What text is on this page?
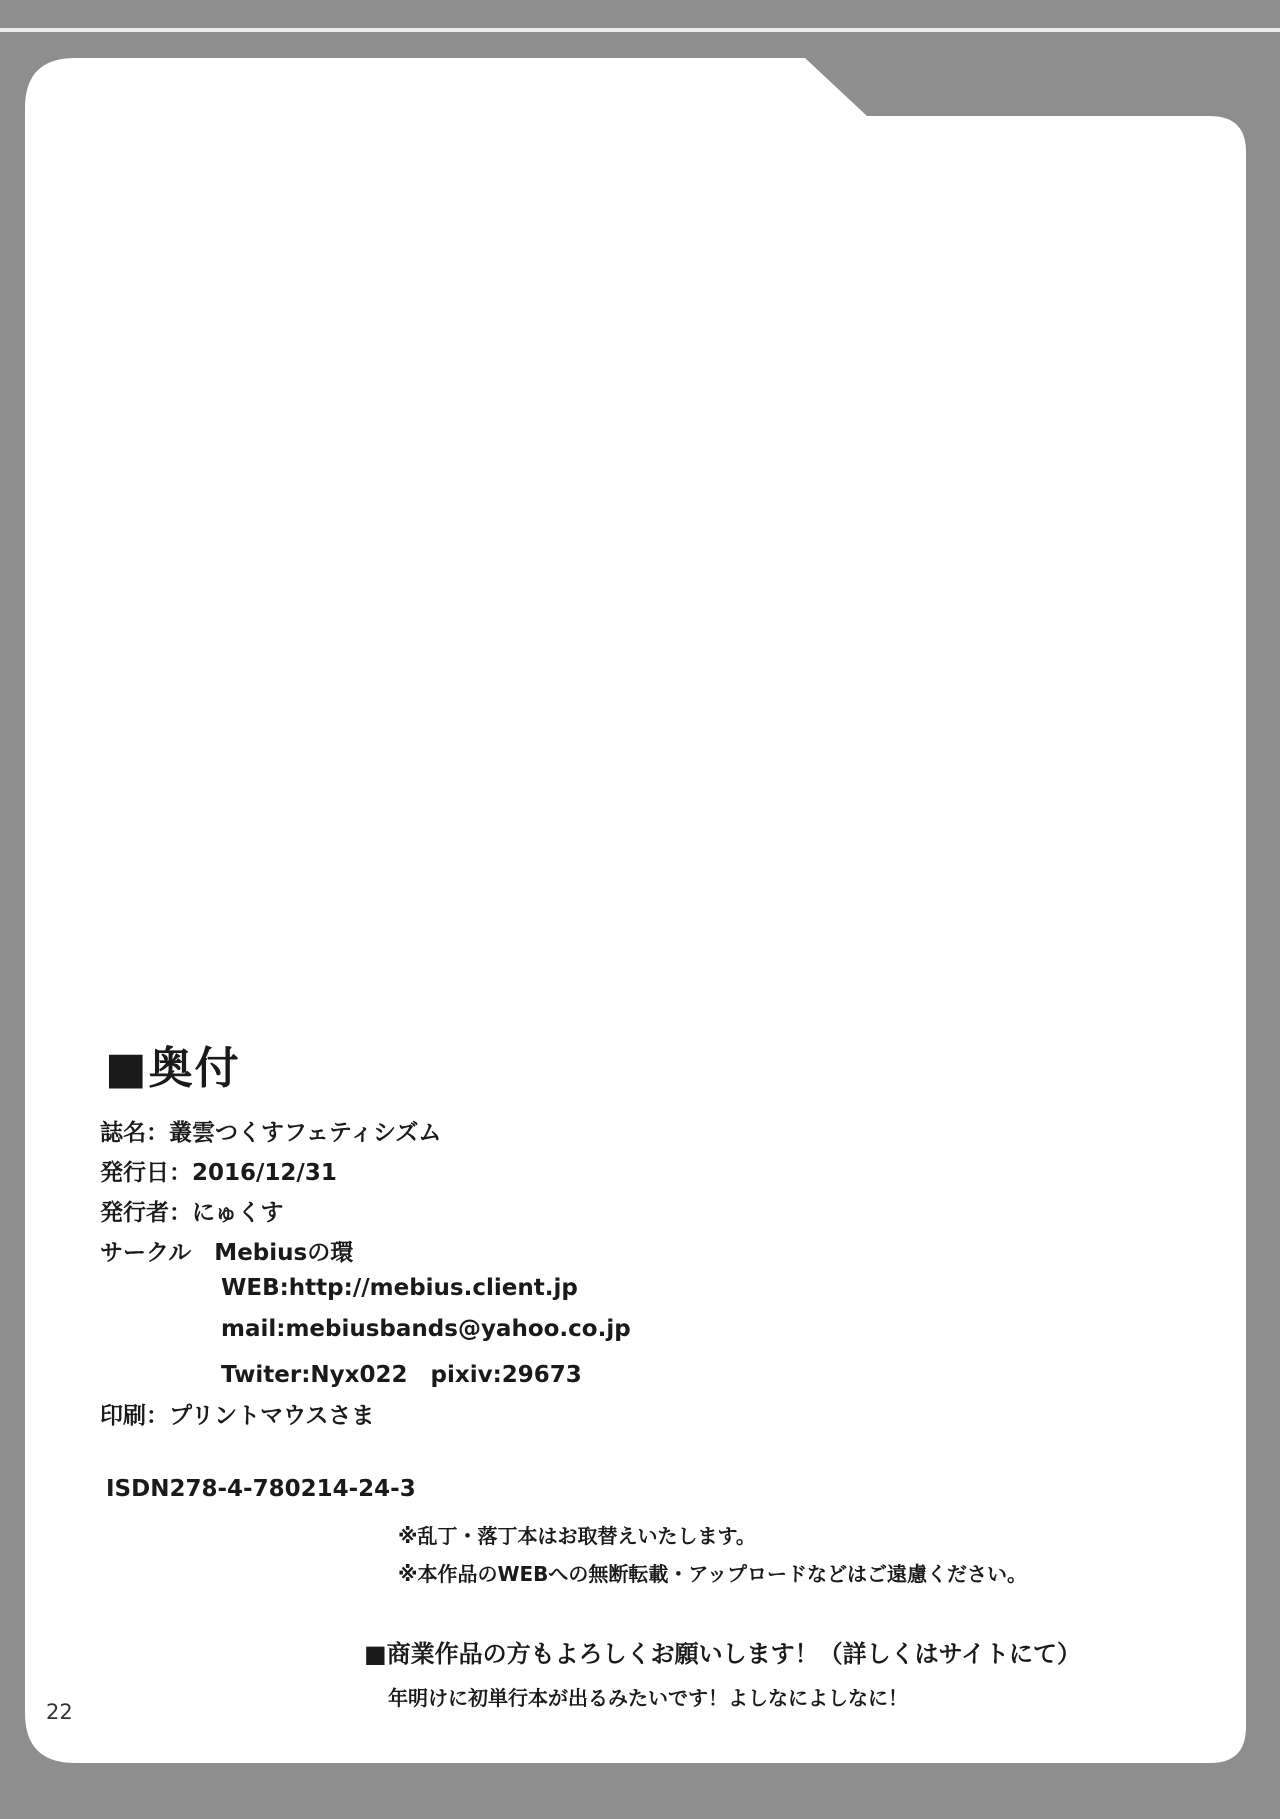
■奥付
誌名：叢雲つくすフェティシズム
発行日：2016/12/31
発行者：にゅくす
サークル　Mebiusの環
WEB:http://mebius.client.jp
mail:mebiusbands@yahoo.co.jp
Twiter:Nyx022　pixiv:29673
印刷：プリントマウスさま
ISDN278-4-780214-24-3
※乱丁・落丁本はお取替えいたします。
※本作品のWEBへの無断転載・アップロードなどはご遠慮ください。
■商業作品の方もよろしくお願いします！（詳しくはサイトにて）
年明けに初単行本が出るみたいです！よしなによしなに！
22
